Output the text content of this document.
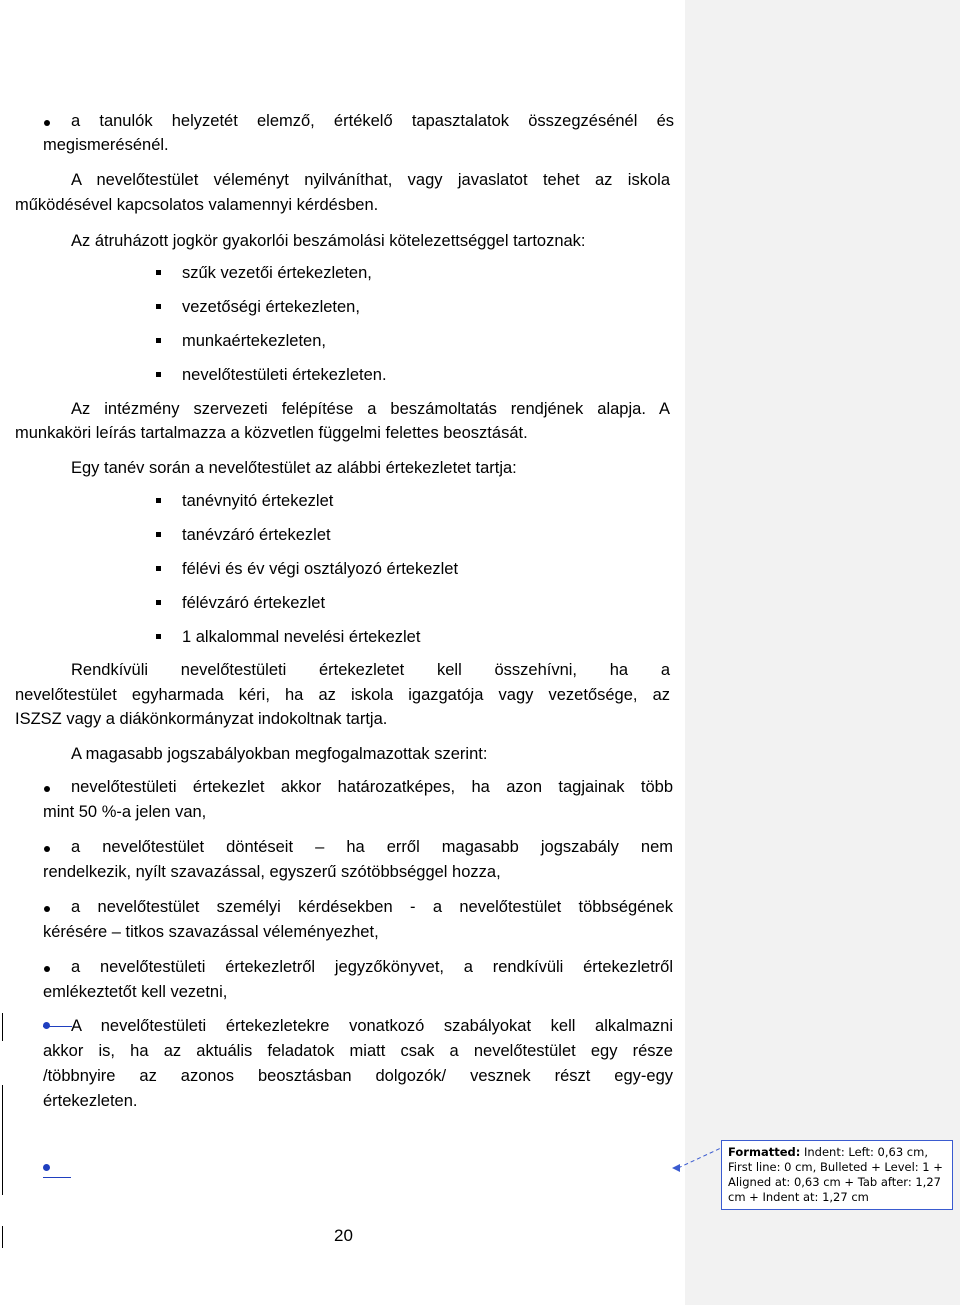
a tanulók helyzetét elemző, értékelő tapasztalatok összegzésénél és
megismerésénél.
A nevelőtestület véleményt nyilváníthat, vagy javaslatot tehet az iskola
működésével kapcsolatos valamennyi kérdésben.
Az átruházott jogkör gyakorlói beszámolási kötelezettséggel tartoznak:
szűk vezetői értekezleten,
vezetőségi értekezleten,
munkaértekezleten,
nevelőtestületi értekezleten.
Az intézmény szervezeti felépítése a beszámoltatás rendjének alapja. A
munkaköri leírás tartalmazza a közvetlen függelmi felettes beosztását.
Egy tanév során a nevelőtestület az alábbi értekezletet tartja:
tanévnyitó értekezlet
tanévzáró értekezlet
félévi és év végi osztályozó értekezlet
félévzáró értekezlet
1 alkalommal nevelési értekezlet
Rendkívüli nevelőtestületi értekezletet kell összehívni, ha a
nevelőtestület egyharmada kéri, ha az iskola igazgatója vagy vezetősége, az
ISZSZ vagy a diákönkormányzat indokoltnak tartja.
A magasabb jogszabályokban megfogalmazottak szerint:
nevelőtestületi értekezlet akkor határozatképes, ha azon tagjainak több
mint 50 %-a jelen van,
a nevelőtestület döntéseit – ha erről magasabb jogszabály nem
rendelkezik, nyílt szavazással, egyszerű szótöbbséggel hozza,
a nevelőtestület személyi kérdésekben - a nevelőtestület többségének
kérésére – titkos szavazással véleményezhet,
a nevelőtestületi értekezletről jegyzőkönyvet, a rendkívüli értekezletről
emlékeztetőt kell vezetni,
A nevelőtestületi értekezletekre vonatkozó szabályokat kell alkalmazni
akkor is, ha az aktuális feladatok miatt csak a nevelőtestület egy része
/többnyire az azonos beosztásban dolgozók/ vesznek részt egy-egy
értekezleten.
20
Formatted: Indent: Left: 0,63 cm,
First line: 0 cm, Bulleted + Level: 1 +
Aligned at: 0,63 cm + Tab after: 1,27
cm + Indent at: 1,27 cm
